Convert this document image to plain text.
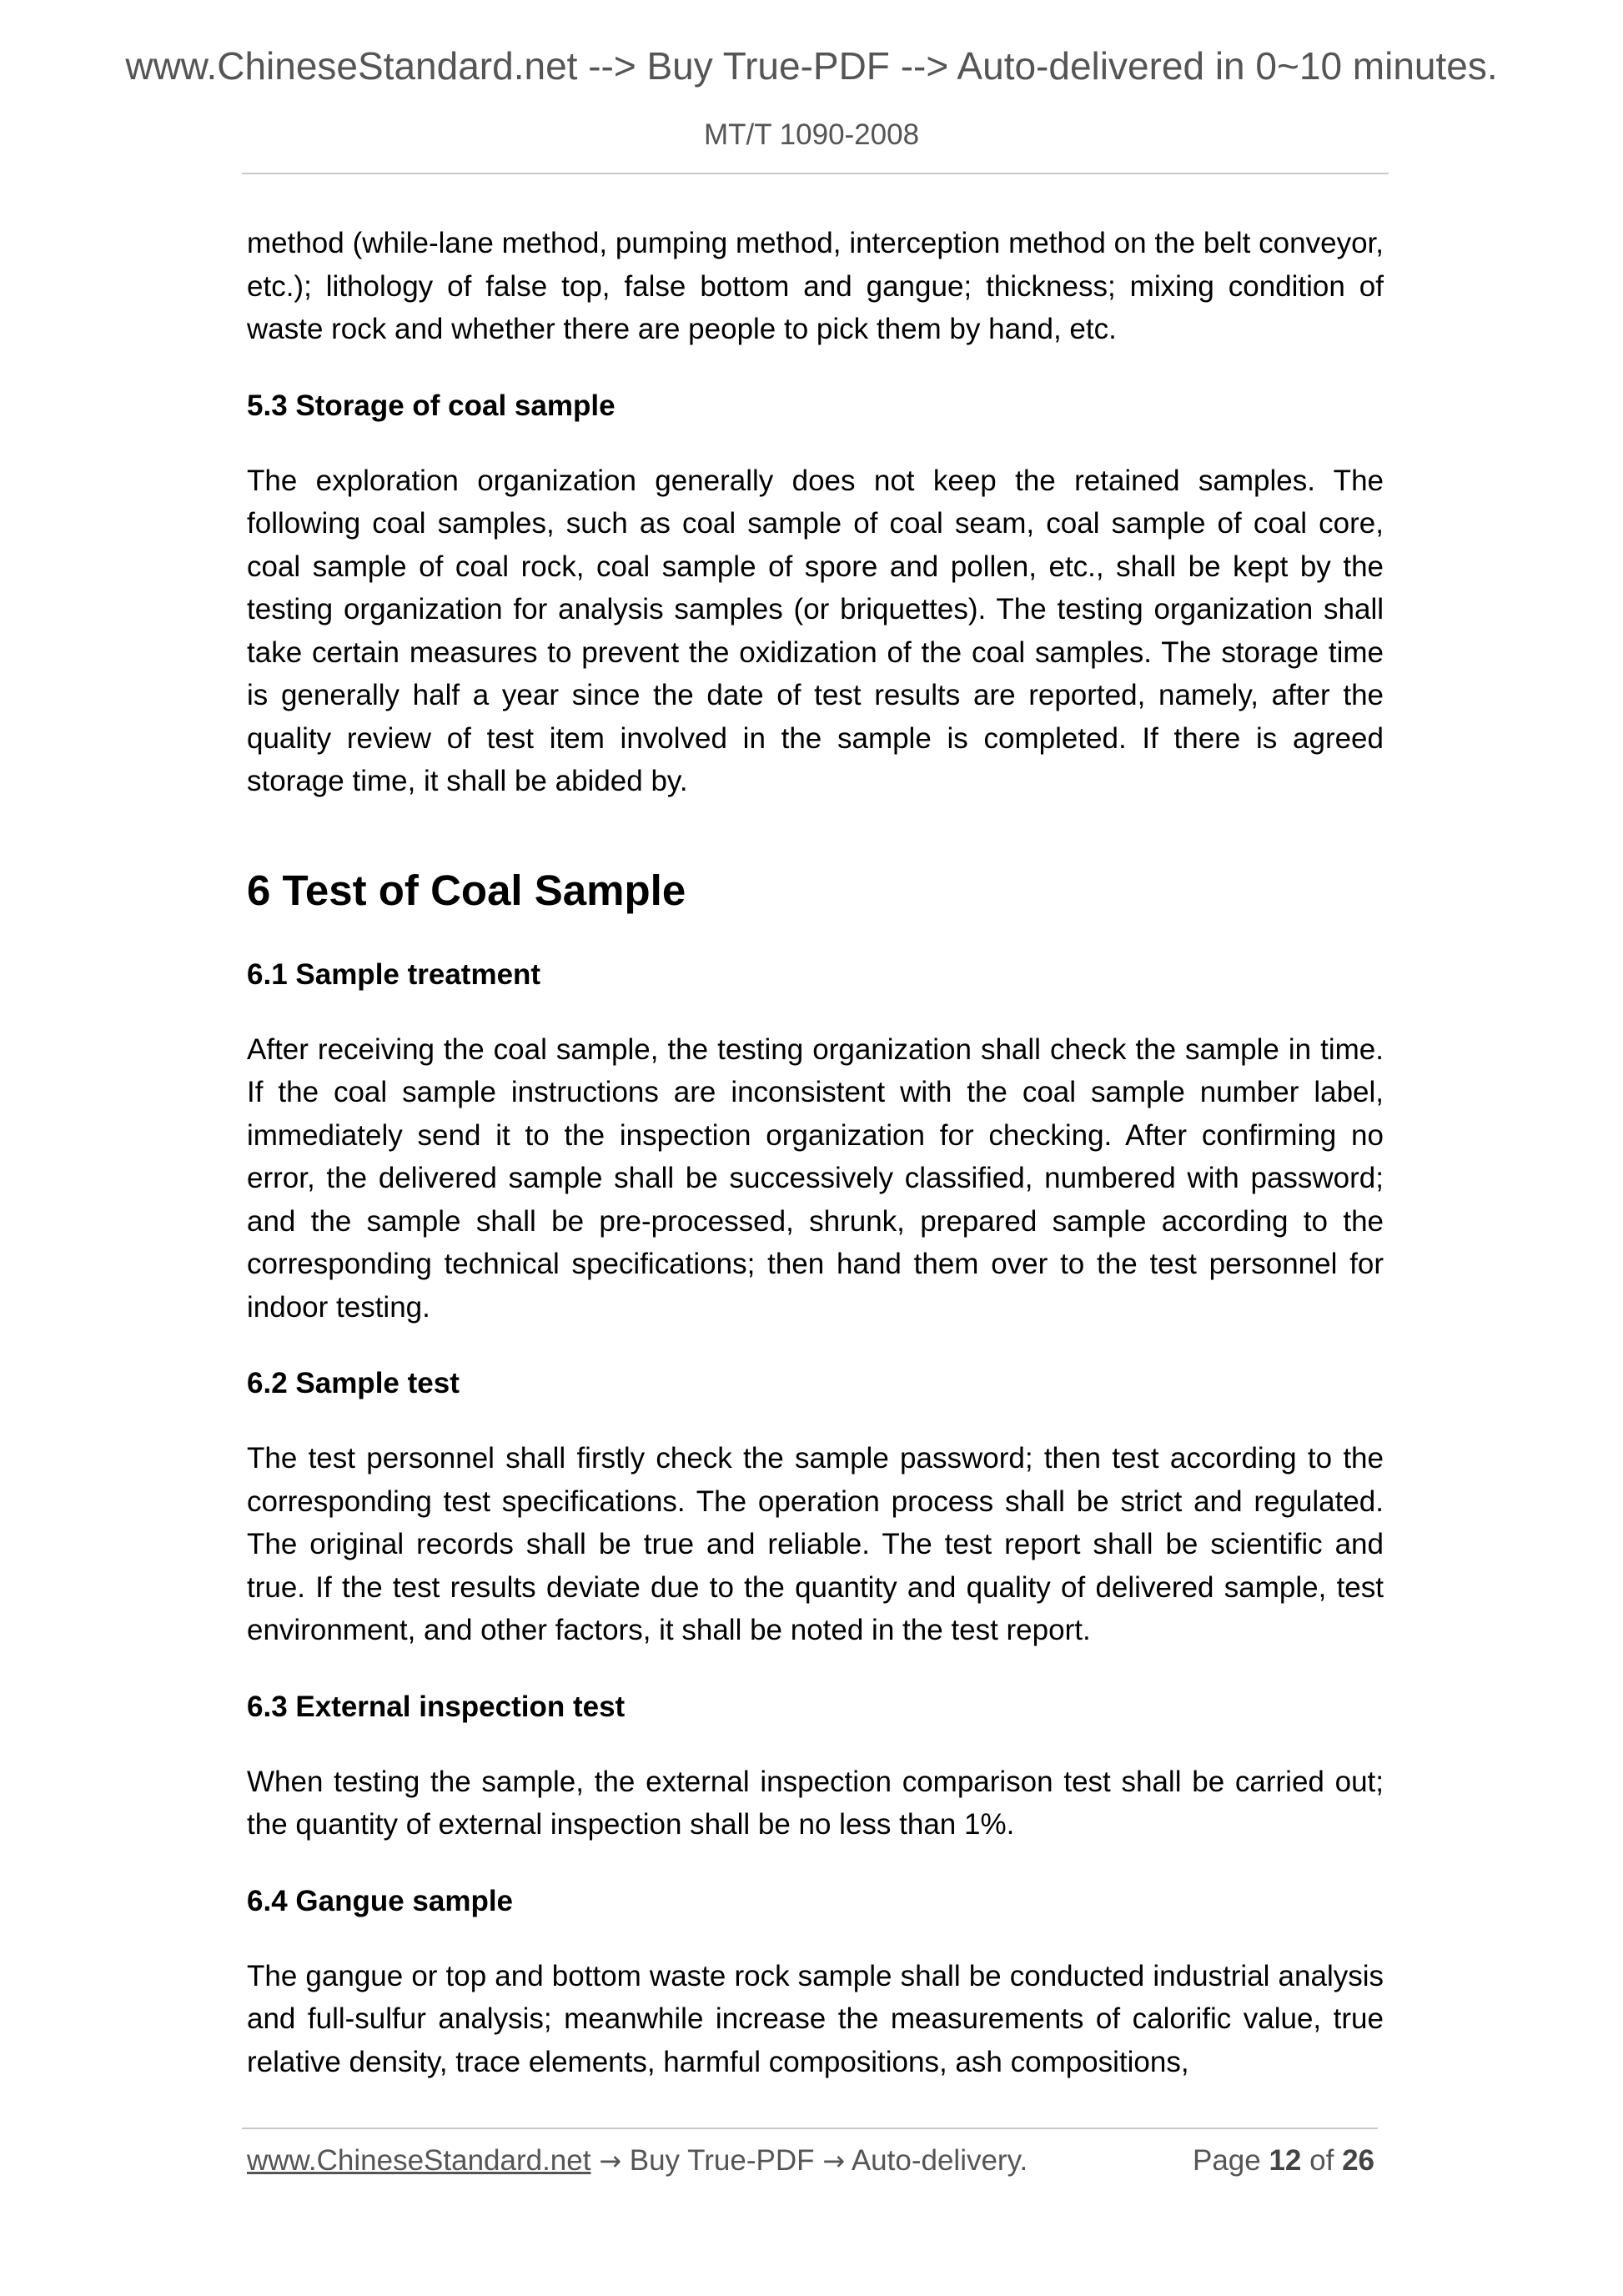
www.ChineseStandard.net --> Buy True-PDF --> Auto-delivered in 0~10 minutes.
MT/T 1090-2008

method (while-lane method, pumping method, interception method on the belt conveyor, etc.); lithology of false top, false bottom and gangue; thickness; mixing condition of waste rock and whether there are people to pick them by hand, etc.

5.3 Storage of coal sample

The exploration organization generally does not keep the retained samples. The following coal samples, such as coal sample of coal seam, coal sample of coal core, coal sample of coal rock, coal sample of spore and pollen, etc., shall be kept by the testing organization for analysis samples (or briquettes). The testing organization shall take certain measures to prevent the oxidization of the coal samples. The storage time is generally half a year since the date of test results are reported, namely, after the quality review of test item involved in the sample is completed. If there is agreed storage time, it shall be abided by.

6 Test of Coal Sample

6.1 Sample treatment

After receiving the coal sample, the testing organization shall check the sample in time. If the coal sample instructions are inconsistent with the coal sample number label, immediately send it to the inspection organization for checking. After confirming no error, the delivered sample shall be successively classified, numbered with password; and the sample shall be pre-processed, shrunk, prepared sample according to the corresponding technical specifications; then hand them over to the test personnel for indoor testing.

6.2 Sample test

The test personnel shall firstly check the sample password; then test according to the corresponding test specifications. The operation process shall be strict and regulated. The original records shall be true and reliable. The test report shall be scientific and true. If the test results deviate due to the quantity and quality of delivered sample, test environment, and other factors, it shall be noted in the test report.

6.3 External inspection test

When testing the sample, the external inspection comparison test shall be carried out; the quantity of external inspection shall be no less than 1%.

6.4 Gangue sample

The gangue or top and bottom waste rock sample shall be conducted industrial analysis and full-sulfur analysis; meanwhile increase the measurements of calorific value, true relative density, trace elements, harmful compositions, ash compositions,

www.ChineseStandard.net → Buy True-PDF → Auto-delivery.	Page 12 of 26
